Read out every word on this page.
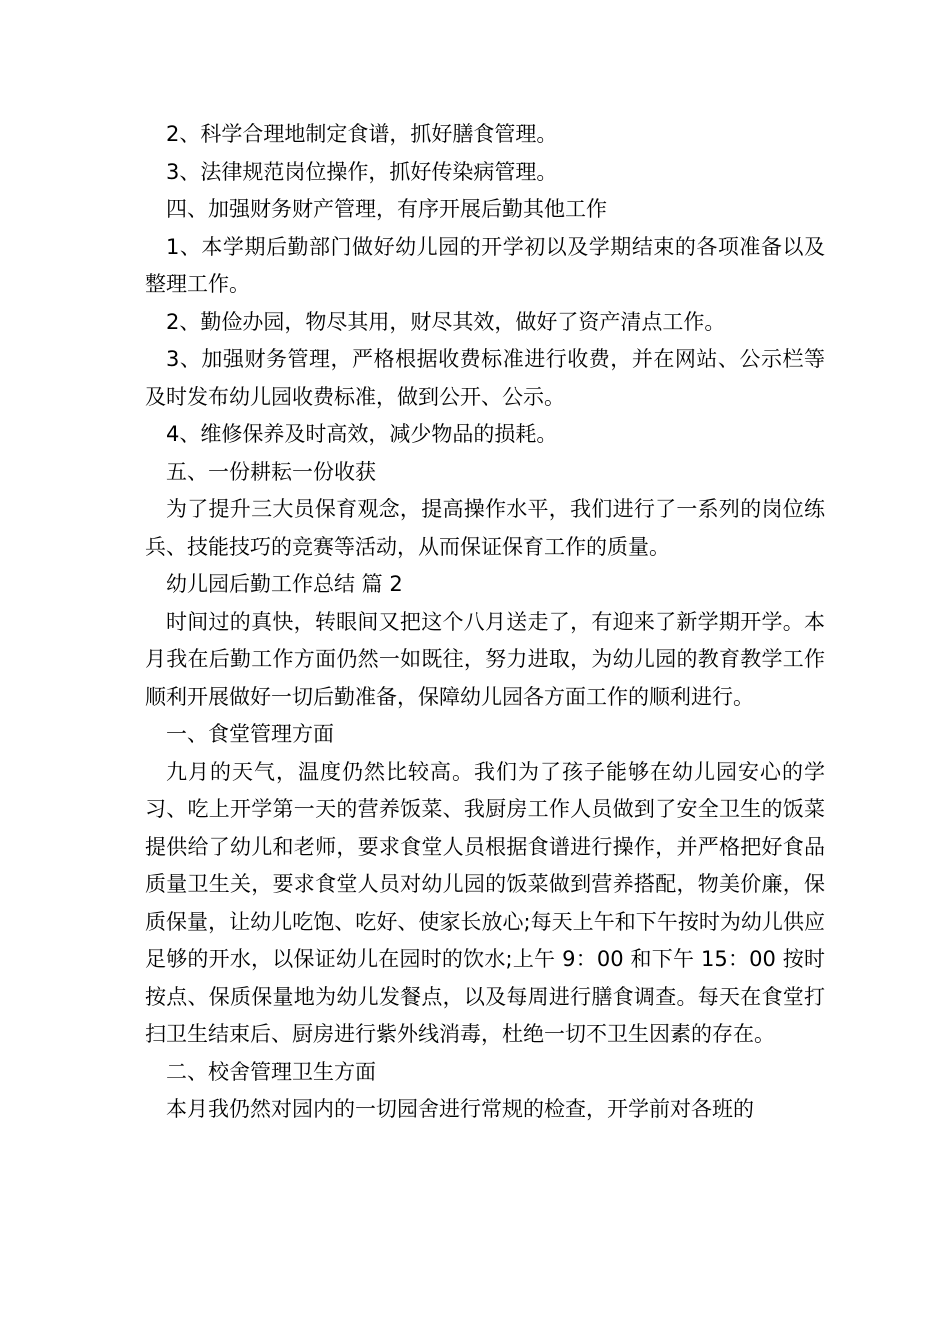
2、科学合理地制定食谱，抓好膳食管理。

3、法律规范岗位操作，抓好传染病管理。

四、加强财务财产管理，有序开展后勤其他工作

1、本学期后勤部门做好幼儿园的开学初以及学期结束的各项准备以及整理工作。

2、勤俭办园，物尽其用，财尽其效，做好了资产清点工作。

3、加强财务管理，严格根据收费标准进行收费，并在网站、公示栏等及时发布幼儿园收费标准，做到公开、公示。

4、维修保养及时高效，减少物品的损耗。

五、一份耕耘一份收获

为了提升三大员保育观念，提高操作水平，我们进行了一系列的岗位练兵、技能技巧的竞赛等活动，从而保证保育工作的质量。

幼儿园后勤工作总结 篇 2

时间过的真快，转眼间又把这个八月送走了，有迎来了新学期开学。本月我在后勤工作方面仍然一如既往，努力进取，为幼儿园的教育教学工作顺利开展做好一切后勤准备，保障幼儿园各方面工作的顺利进行。

一、食堂管理方面

九月的天气，温度仍然比较高。我们为了孩子能够在幼儿园安心的学习、吃上开学第一天的营养饭菜、我厨房工作人员做到了安全卫生的饭菜提供给了幼儿和老师，要求食堂人员根据食谱进行操作，并严格把好食品质量卫生关，要求食堂人员对幼儿园的饭菜做到营养搭配，物美价廉，保质保量，让幼儿吃饱、吃好、使家长放心;每天上午和下午按时为幼儿供应足够的开水，以保证幼儿在园时的饮水;上午 9：00 和下午 15：00 按时按点、保质保量地为幼儿发餐点，以及每周进行膳食调查。每天在食堂打扫卫生结束后、厨房进行紫外线消毒，杜绝一切不卫生因素的存在。

二、校舍管理卫生方面

本月我仍然对园内的一切园舍进行常规的检查，开学前对各班的
